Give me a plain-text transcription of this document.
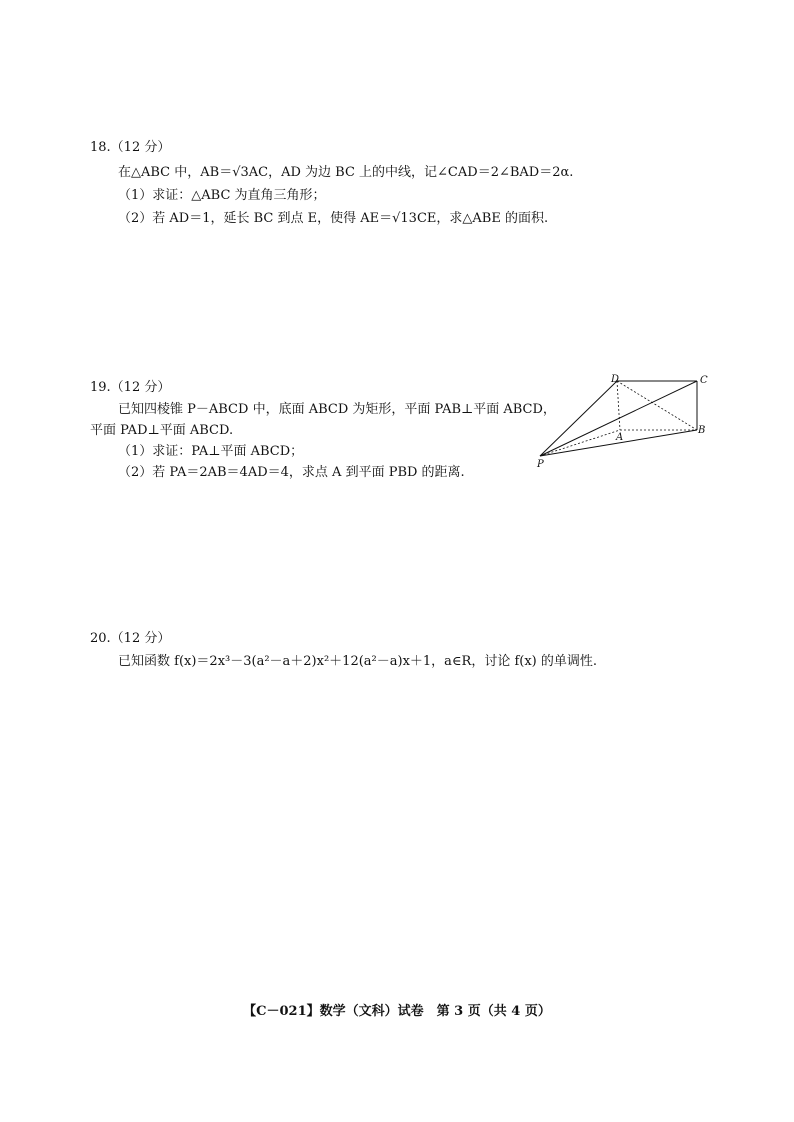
18.（12 分）
在△ABC 中，AB＝√3AC，AD 为边 BC 上的中线，记∠CAD＝2∠BAD＝2α.
（1）求证：△ABC 为直角三角形；
（2）若 AD＝1，延长 BC 到点 E，使得 AE＝√13CE，求△ABE 的面积.
19.（12 分）
已知四棱锥 P－ABCD 中，底面 ABCD 为矩形，平面 PAB⊥平面 ABCD，
平面 PAD⊥平面 ABCD.
（1）求证：PA⊥平面 ABCD；
（2）若 PA＝2AB＝4AD＝4，求点 A 到平面 PBD 的距离.
D	C
A
B
P
20.（12 分）
已知函数 f(x)＝2x³－3(a²－a＋2)x²＋12(a²－a)x＋1，a∈R，讨论 f(x) 的单调性.
【C－021】数学（文科）试卷　第 3 页（共 4 页）
